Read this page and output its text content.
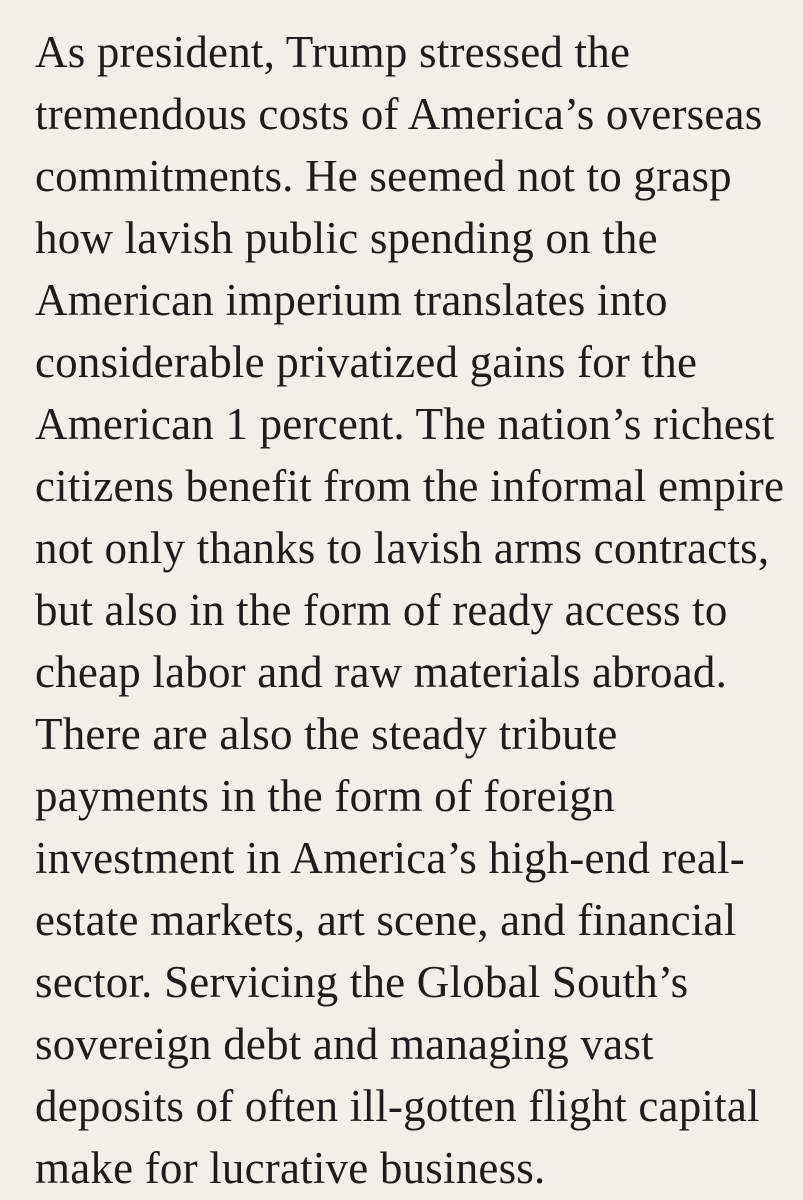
As president, Trump stressed the
tremendous costs of America’s overseas
commitments. He seemed not to grasp
how lavish public spending on the
American imperium translates into
considerable privatized gains for the
American 1 percent. The nation’s richest
citizens benefit from the informal empire
not only thanks to lavish arms contracts,
but also in the form of ready access to
cheap labor and raw materials abroad.
There are also the steady tribute
payments in the form of foreign
investment in America’s high-end real-
estate markets, art scene, and financial
sector. Servicing the Global South’s
sovereign debt and managing vast
deposits of often ill-gotten flight capital
make for lucrative business.
